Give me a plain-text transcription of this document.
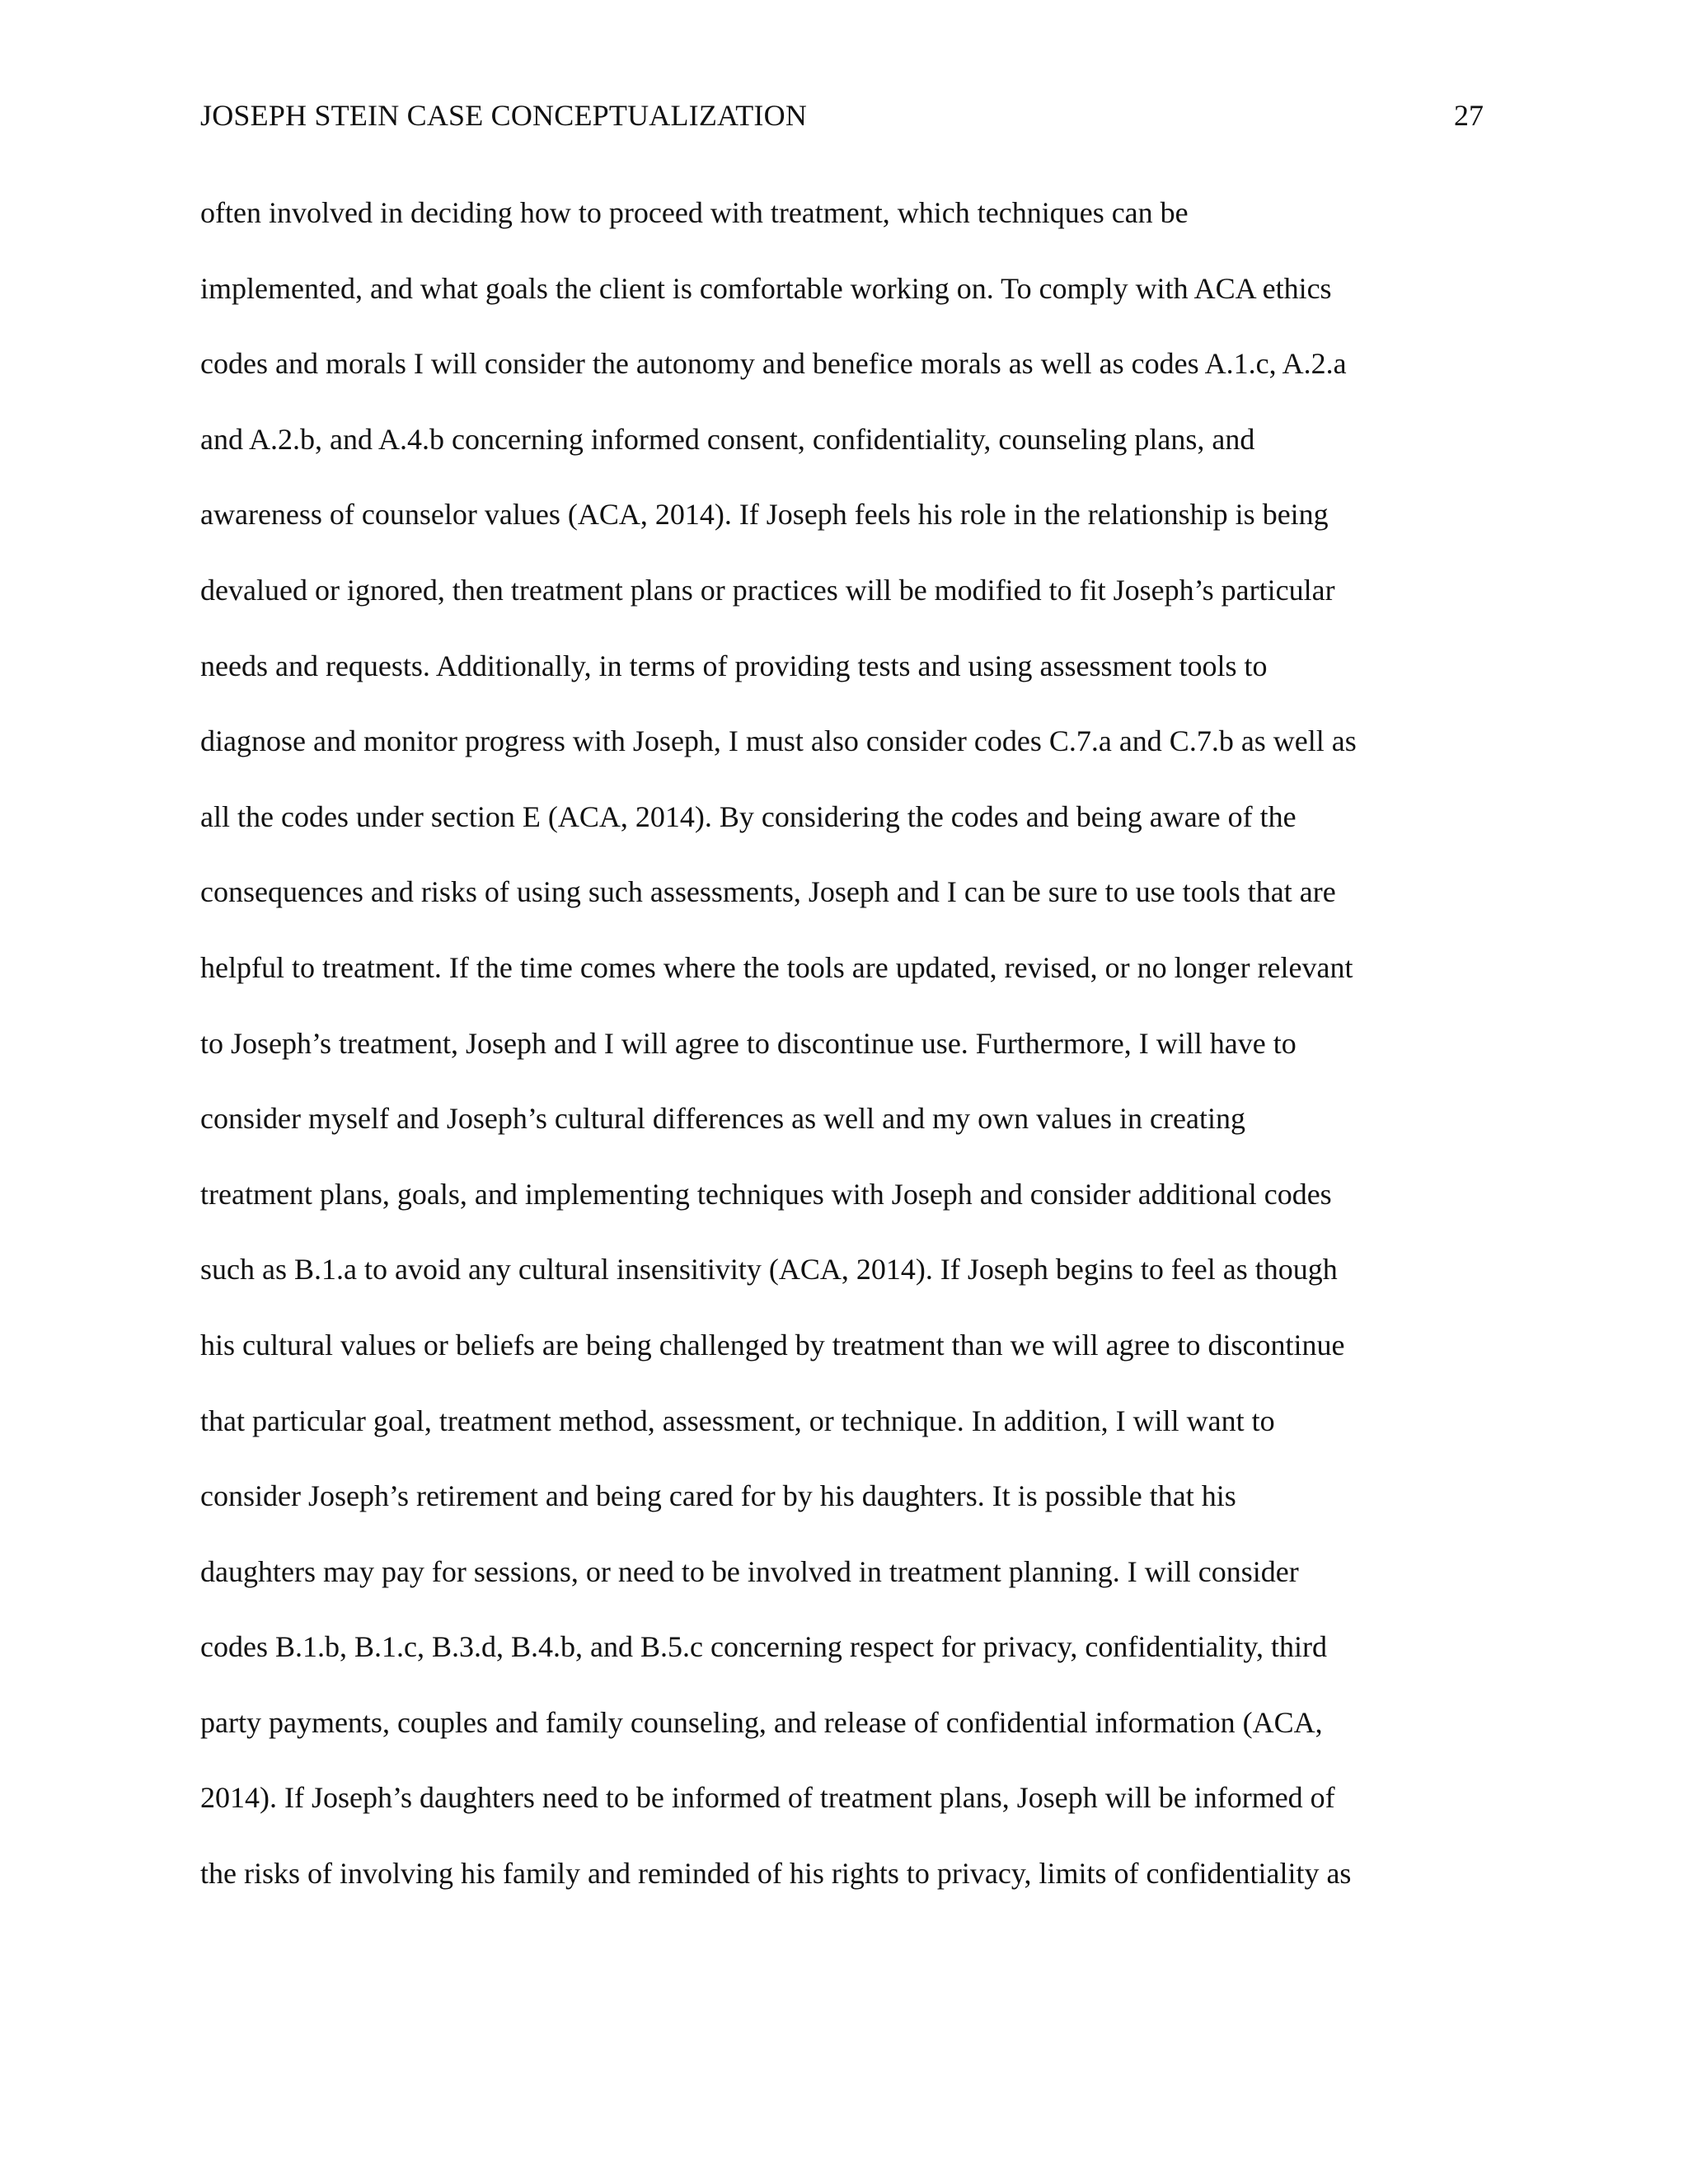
JOSEPH STEIN CASE CONCEPTUALIZATION	27
often involved in deciding how to proceed with treatment, which techniques can be
implemented, and what goals the client is comfortable working on. To comply with ACA ethics
codes and morals I will consider the autonomy and benefice morals as well as codes A.1.c, A.2.a
and A.2.b, and A.4.b concerning informed consent, confidentiality, counseling plans, and
awareness of counselor values (ACA, 2014). If Joseph feels his role in the relationship is being
devalued or ignored, then treatment plans or practices will be modified to fit Joseph’s particular
needs and requests. Additionally, in terms of providing tests and using assessment tools to
diagnose and monitor progress with Joseph, I must also consider codes C.7.a and C.7.b as well as
all the codes under section E (ACA, 2014). By considering the codes and being aware of the
consequences and risks of using such assessments, Joseph and I can be sure to use tools that are
helpful to treatment. If the time comes where the tools are updated, revised, or no longer relevant
to Joseph’s treatment, Joseph and I will agree to discontinue use. Furthermore, I will have to
consider myself and Joseph’s cultural differences as well and my own values in creating
treatment plans, goals, and implementing techniques with Joseph and consider additional codes
such as B.1.a to avoid any cultural insensitivity (ACA, 2014). If Joseph begins to feel as though
his cultural values or beliefs are being challenged by treatment than we will agree to discontinue
that particular goal, treatment method, assessment, or technique. In addition, I will want to
consider Joseph’s retirement and being cared for by his daughters. It is possible that his
daughters may pay for sessions, or need to be involved in treatment planning. I will consider
codes B.1.b, B.1.c, B.3.d, B.4.b, and B.5.c concerning respect for privacy, confidentiality, third
party payments, couples and family counseling, and release of confidential information (ACA,
2014). If Joseph’s daughters need to be informed of treatment plans, Joseph will be informed of
the risks of involving his family and reminded of his rights to privacy, limits of confidentiality as
